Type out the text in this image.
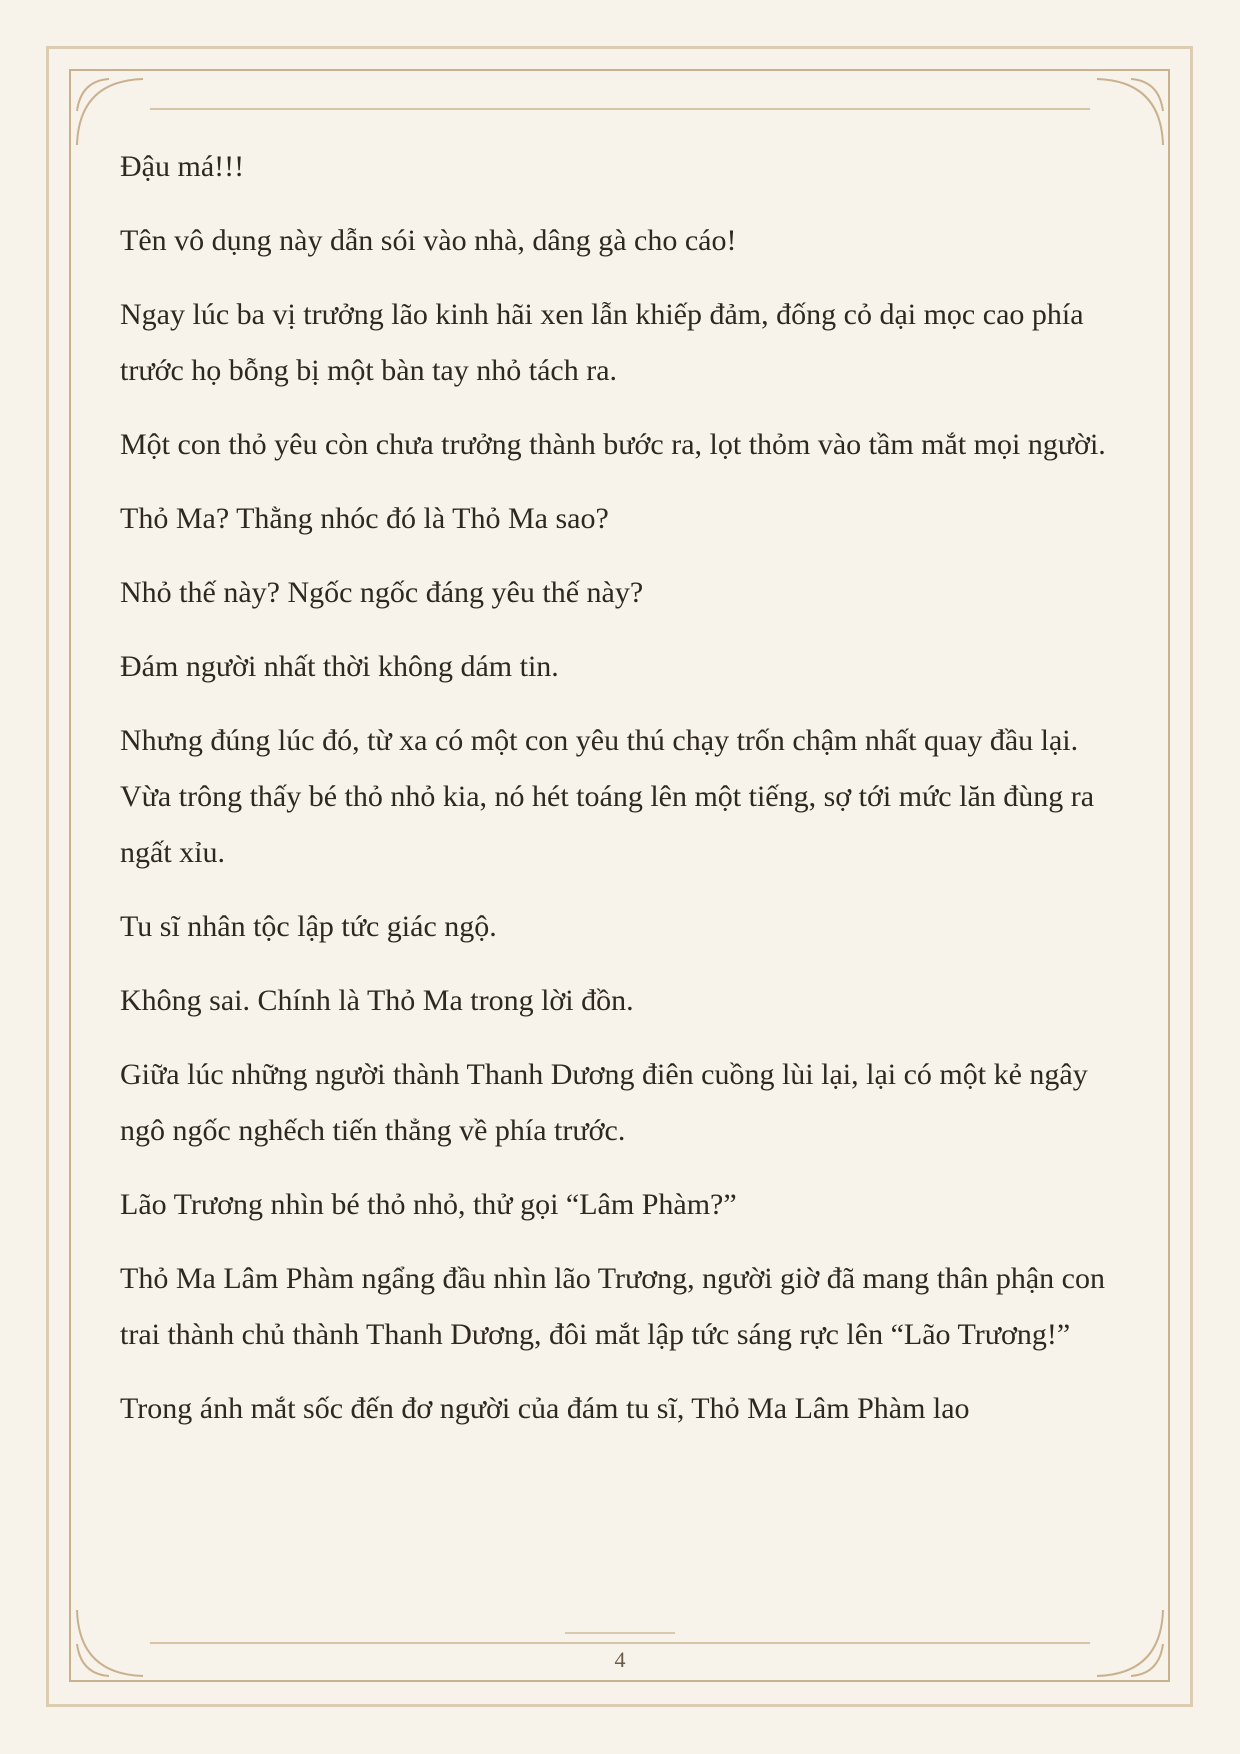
Đậu má!!!

Tên vô dụng này dẫn sói vào nhà, dâng gà cho cáo!

Ngay lúc ba vị trưởng lão kinh hãi xen lẫn khiếp đảm, đống cỏ dại mọc cao phía trước họ bỗng bị một bàn tay nhỏ tách ra.

Một con thỏ yêu còn chưa trưởng thành bước ra, lọt thỏm vào tầm mắt mọi người.

Thỏ Ma? Thằng nhóc đó là Thỏ Ma sao?

Nhỏ thế này? Ngốc ngốc đáng yêu thế này?

Đám người nhất thời không dám tin.

Nhưng đúng lúc đó, từ xa có một con yêu thú chạy trốn chậm nhất quay đầu lại. Vừa trông thấy bé thỏ nhỏ kia, nó hét toáng lên một tiếng, sợ tới mức lăn đùng ra ngất xỉu.

Tu sĩ nhân tộc lập tức giác ngộ.

Không sai. Chính là Thỏ Ma trong lời đồn.

Giữa lúc những người thành Thanh Dương điên cuồng lùi lại, lại có một kẻ ngây ngô ngốc nghếch tiến thẳng về phía trước.

Lão Trương nhìn bé thỏ nhỏ, thử gọi “Lâm Phàm?”

Thỏ Ma Lâm Phàm ngẩng đầu nhìn lão Trương, người giờ đã mang thân phận con trai thành chủ thành Thanh Dương, đôi mắt lập tức sáng rực lên “Lão Trương!”

Trong ánh mắt sốc đến đơ người của đám tu sĩ, Thỏ Ma Lâm Phàm lao

4
